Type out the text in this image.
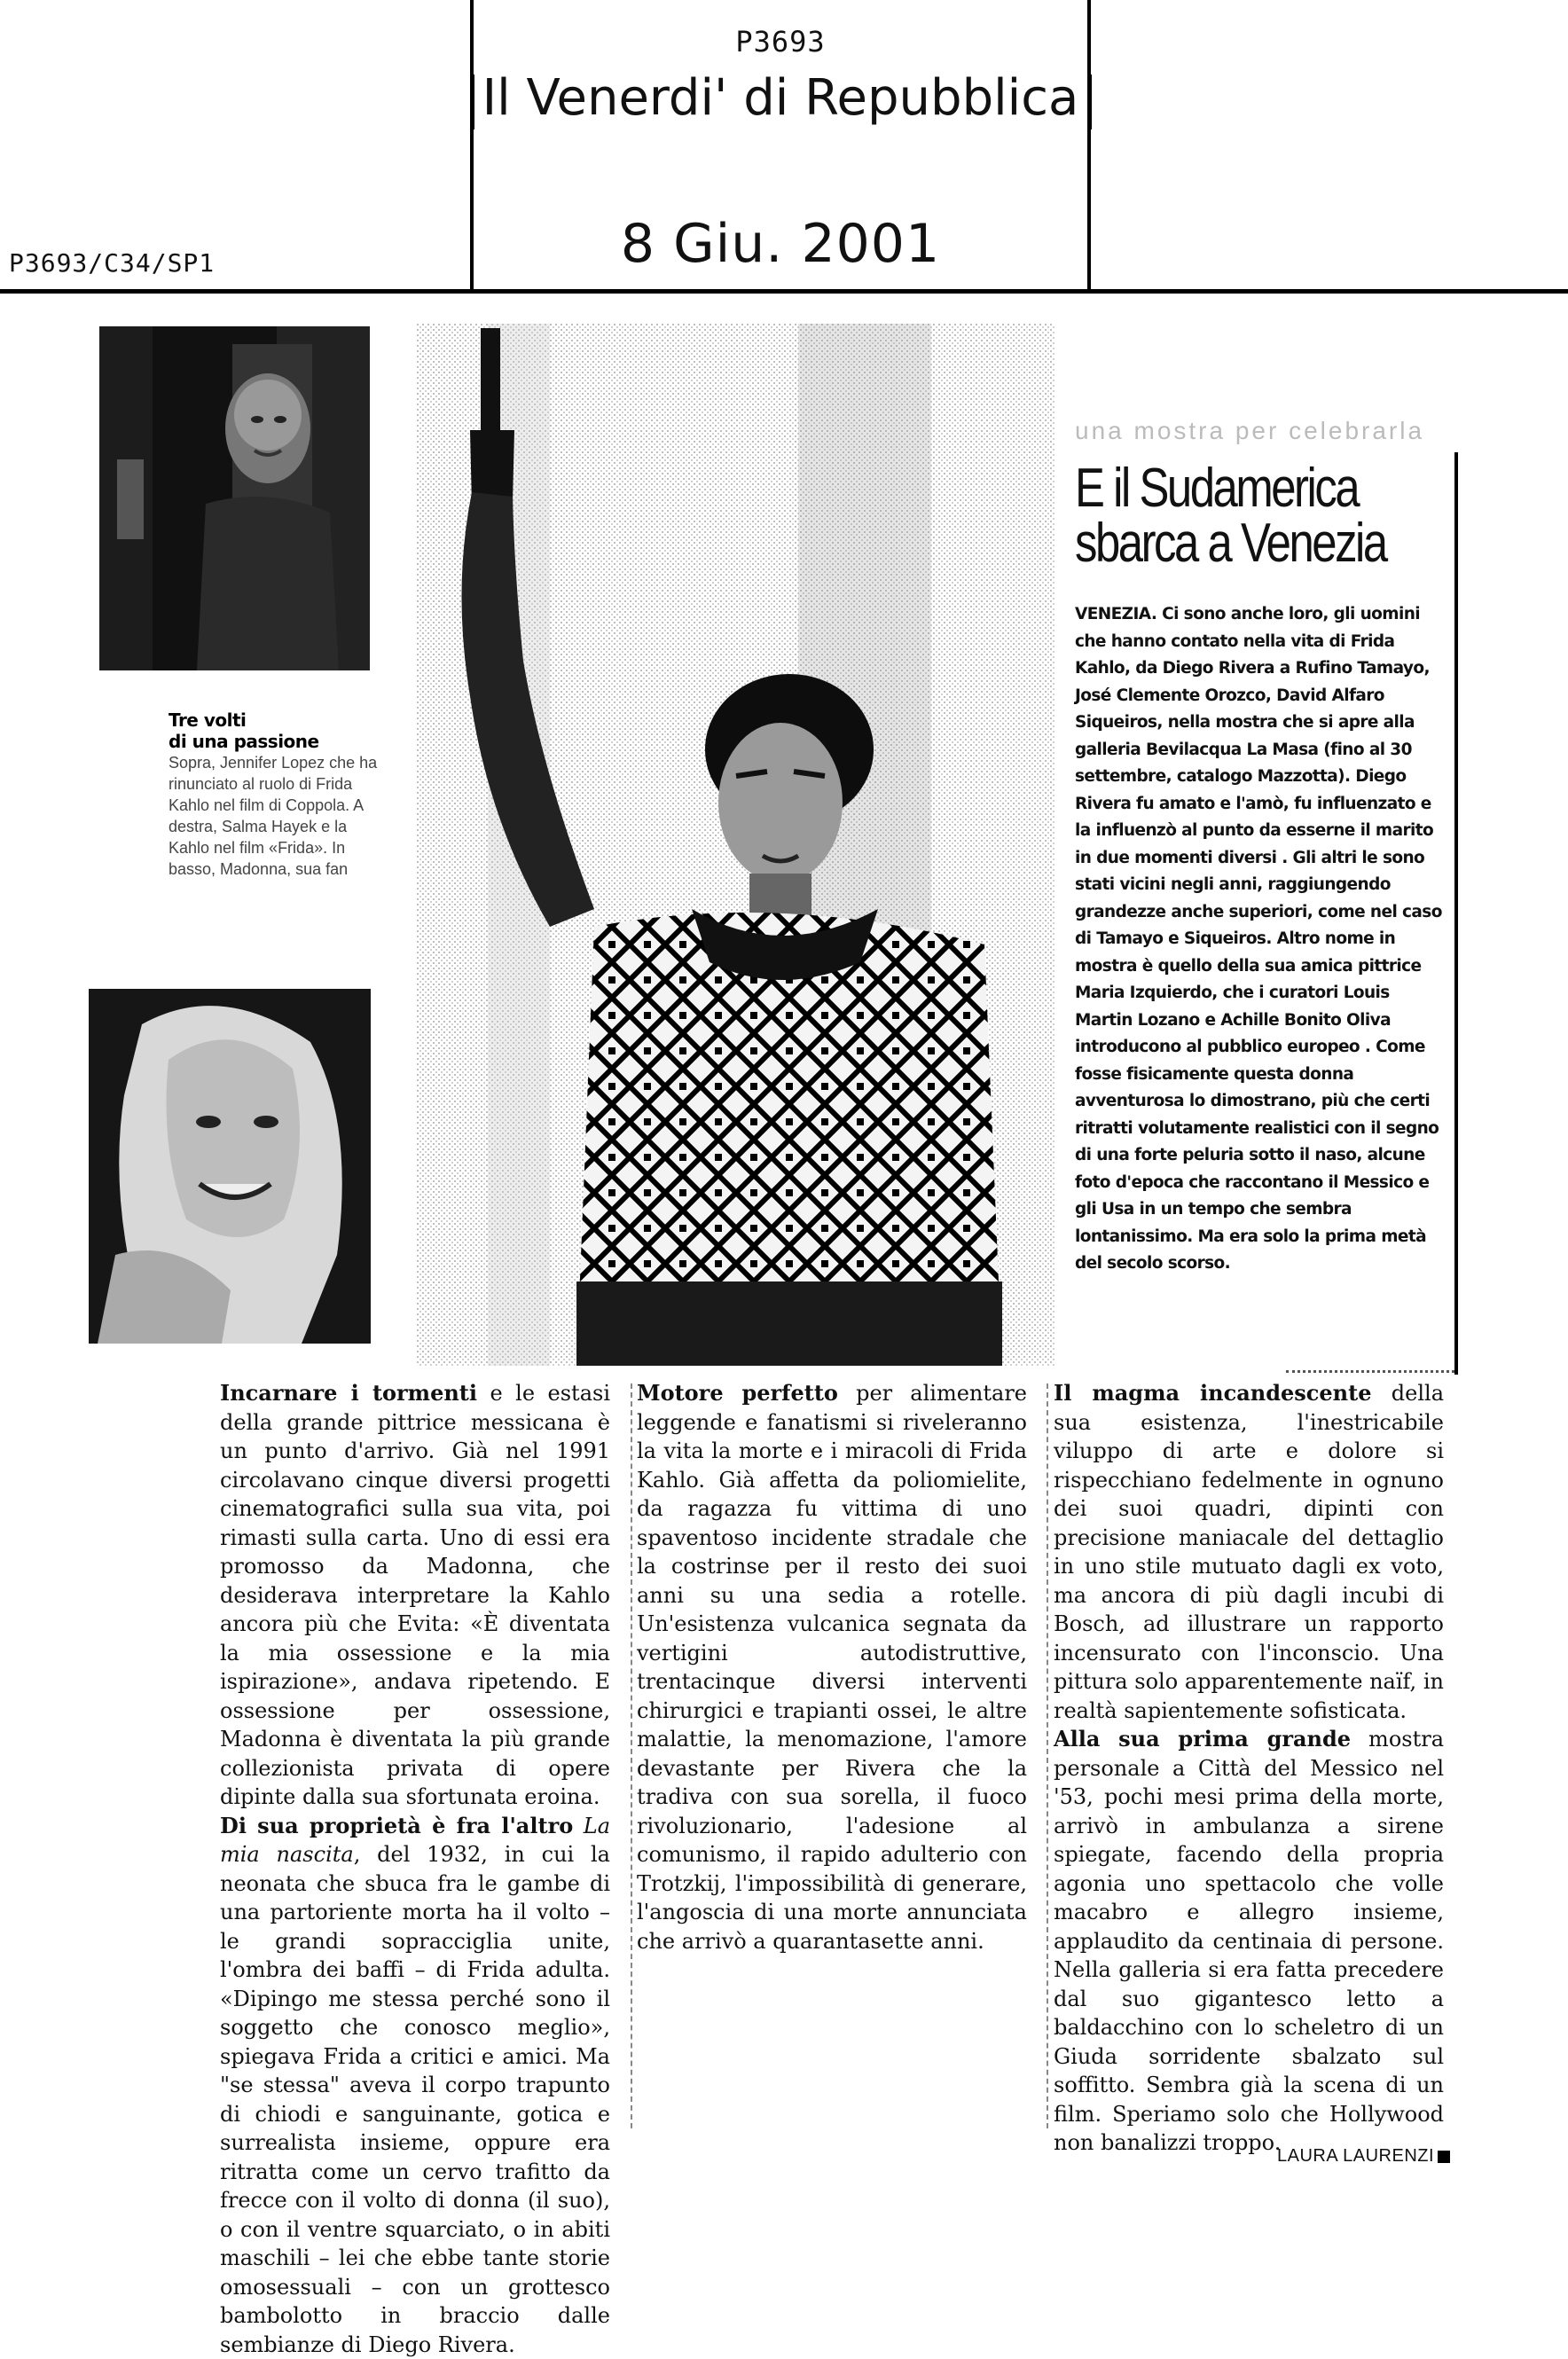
P3693
Il Venerdi' di Repubblica
8 Giu. 2001
P3693/C34/SP1
Tre volti
di una passione
Sopra, Jennifer Lopez che ha rinunciato al ruolo di Frida Kahlo nel film di Coppola. A destra, Salma Hayek e la Kahlo nel film «Frida». In basso, Madonna, sua fan
una mostra per celebrarla
E il Sudamerica
sbarca a Venezia
VENEZIA. Ci sono anche loro, gli uomini che hanno contato nella vita di Frida Kahlo, da Diego Rivera a Rufino Tamayo, José Clemente Orozco, David Alfaro Siqueiros, nella mostra che si apre alla galleria Bevilacqua La Masa (fino al 30 settembre, catalogo Mazzotta). Diego Rivera fu amato e l'amò, fu influenzato e la influenzò al punto da esserne il marito in due momenti diversi . Gli altri le sono stati vicini negli anni, raggiungendo grandezze anche superiori, come nel caso di Tamayo e Siqueiros. Altro nome in mostra è quello della sua amica pittrice Maria Izquierdo, che i curatori Louis Martin Lozano e Achille Bonito Oliva introducono al pubblico europeo . Come fosse fisicamente questa donna avventurosa lo dimostrano, più che certi ritratti volutamente realistici con il segno di una forte peluria sotto il naso, alcune foto d'epoca che raccontano il Messico e gli Usa in un tempo che sembra lontanissimo. Ma era solo la prima metà del secolo scorso.

Incarnare i tormenti e le estasi della grande pittrice messicana è un punto d'arrivo. Già nel 1991 circolavano cinque diversi progetti cinematografici sulla sua vita, poi rimasti sulla carta. Uno di essi era promosso da Madonna, che desiderava interpretare la Kahlo ancora più che Evita: «È diventata la mia ossessione e la mia ispirazione», andava ripetendo. E ossessione per ossessione, Madonna è diventata la più grande collezionista privata di opere dipinte dalla sua sfortunata eroina.

Di sua proprietà è fra l'altro La mia nascita, del 1932, in cui la neonata che sbuca fra le gambe di una partoriente morta ha il volto – le grandi sopracciglia unite, l'ombra dei baffi – di Frida adulta. «Dipingo me stessa perché sono il soggetto che conosco meglio», spiegava Frida a critici e amici. Ma "se stessa" aveva il corpo trapunto di chiodi e sanguinante, gotica e surrealista insieme, oppure era ritratta come un cervo trafitto da frecce con il volto di donna (il suo), o con il ventre squarciato, o in abiti maschili – lei che ebbe tante storie omosessuali – con un grottesco bambolotto in braccio dalle sembianze di Diego Rivera.

Motore perfetto per alimentare leggende e fanatismi si riveleranno la vita la morte e i miracoli di Frida Kahlo. Già affetta da poliomielite, da ragazza fu vittima di uno spaventoso incidente stradale che la costrinse per il resto dei suoi anni su una sedia a rotelle. Un'esistenza vulcanica segnata da vertigini autodistruttive, trentacinque diversi interventi chirurgici e trapianti ossei, le altre malattie, la menomazione, l'amore devastante per Rivera che la tradiva con sua sorella, il fuoco rivoluzionario, l'adesione al comunismo, il rapido adulterio con Trotzkij, l'impossibilità di generare, l'angoscia di una morte annunciata che arrivò a quarantasette anni.

Il magma incandescente della sua esistenza, l'inestricabile viluppo di arte e dolore si rispecchiano fedelmente in ognuno dei suoi quadri, dipinti con precisione maniacale del dettaglio in uno stile mutuato dagli ex voto, ma ancora di più dagli incubi di Bosch, ad illustrare un rapporto incensurato con l'inconscio. Una pittura solo apparentemente naïf, in realtà sapientemente sofisticata.

Alla sua prima grande mostra personale a Città del Messico nel '53, pochi mesi prima della morte, arrivò in ambulanza a sirene spiegate, facendo della propria agonia uno spettacolo che volle macabro e allegro insieme, applaudito da centinaia di persone. Nella galleria si era fatta precedere dal suo gigantesco letto a baldacchino con lo scheletro di un Giuda sorridente sbalzato sul soffitto. Sembra già la scena di un film. Speriamo solo che Hollywood non banalizzi troppo.

LAURA LAURENZI
